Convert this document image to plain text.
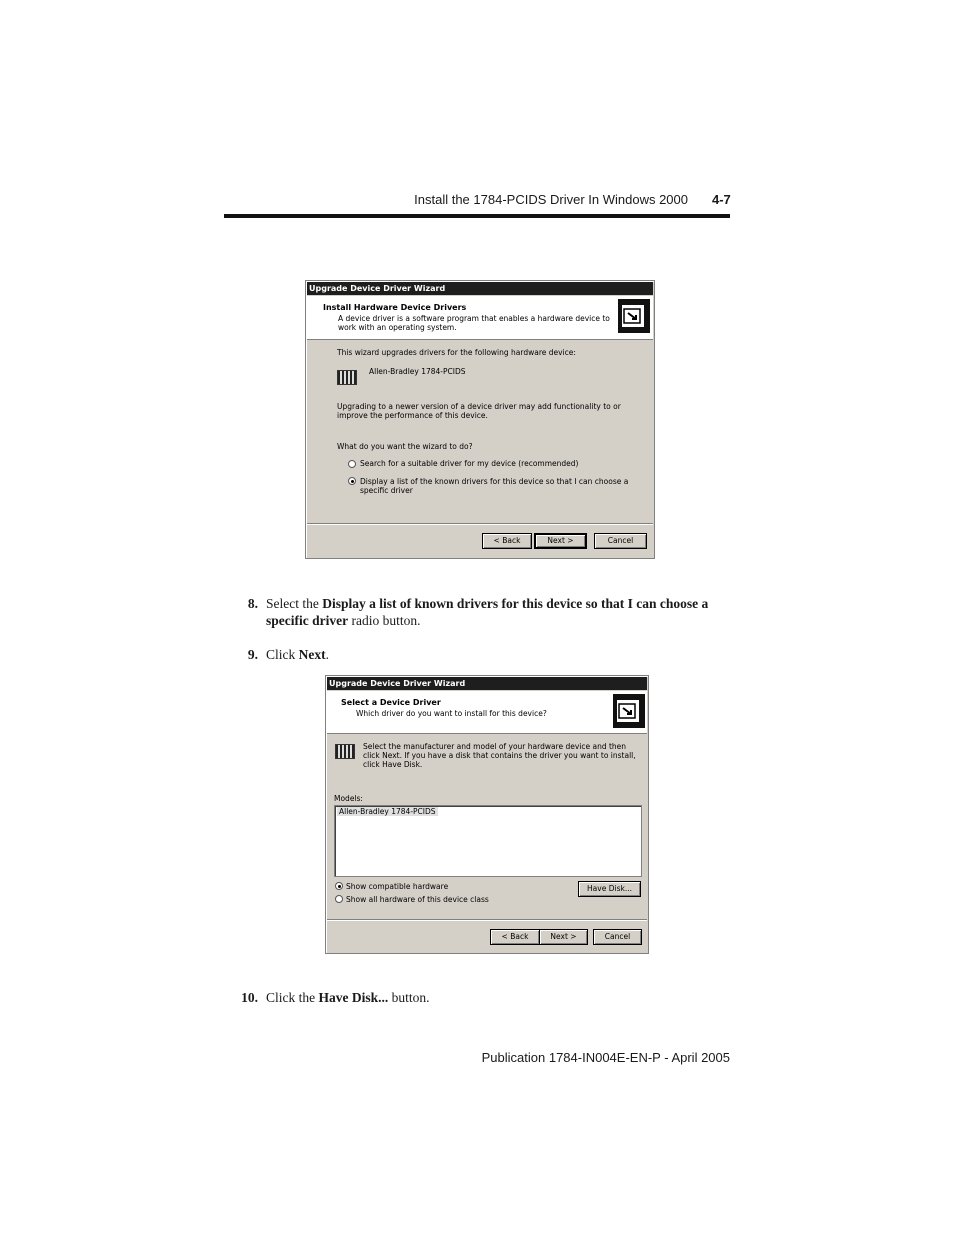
Install the 1784-PCIDS Driver In Windows 2000 4-7
Upgrade Device Driver Wizard
Install Hardware Device Drivers
A device driver is a software program that enables a hardware device to work with an operating system.
This wizard upgrades drivers for the following hardware device:
Allen-Bradley 1784-PCIDS
Upgrading to a newer version of a device driver may add functionality to or improve the performance of this device.
What do you want the wizard to do?
Search for a suitable driver for my device (recommended)
Display a list of the known drivers for this device so that I can choose a specific driver
< Back	Next >	Cancel
8. Select the Display a list of known drivers for this device so that I can choose a specific driver radio button.
9. Click Next.
Upgrade Device Driver Wizard
Select a Device Driver
Which driver do you want to install for this device?
Select the manufacturer and model of your hardware device and then click Next. If you have a disk that contains the driver you want to install, click Have Disk.
Models:
Allen-Bradley 1784-PCIDS
Show compatible hardware
Show all hardware of this device class
Have Disk...
< Back	Next >	Cancel
10. Click the Have Disk... button.
Publication 1784-IN004E-EN-P - April 2005
